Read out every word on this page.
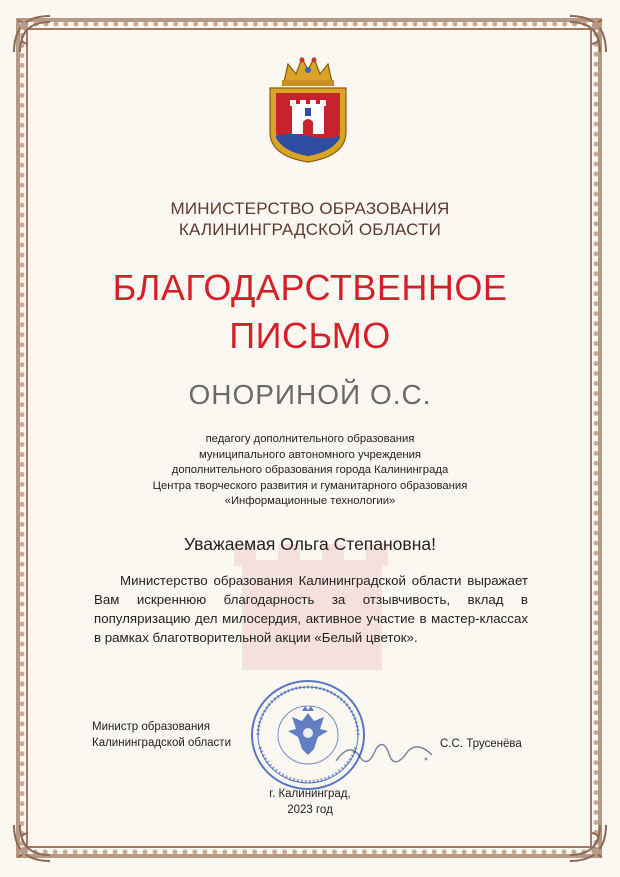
МИНИСТЕРСТВО ОБРАЗОВАНИЯ
КАЛИНИНГРАДСКОЙ ОБЛАСТИ
БЛАГОДАРСТВЕННОЕ
ПИСЬМО
ОНОРИНОЙ О.С.
педагогу дополнительного образования
муниципального автономного учреждения
дополнительного образования города Калининграда
Центра творческого развития и гуманитарного образования
«Информационные технологии»
Уважаемая Ольга Степановна!
Министерство образования Калининградской области выражает Вам искреннюю благодарность за отзывчивость, вклад в популяризацию дел милосердия, активное участие в мастер-классах в рамках благотворительной акции «Белый цветок».
Министр образования
Калининградской области	С.С. Трусенёва
г. Калининград,
2023 год
